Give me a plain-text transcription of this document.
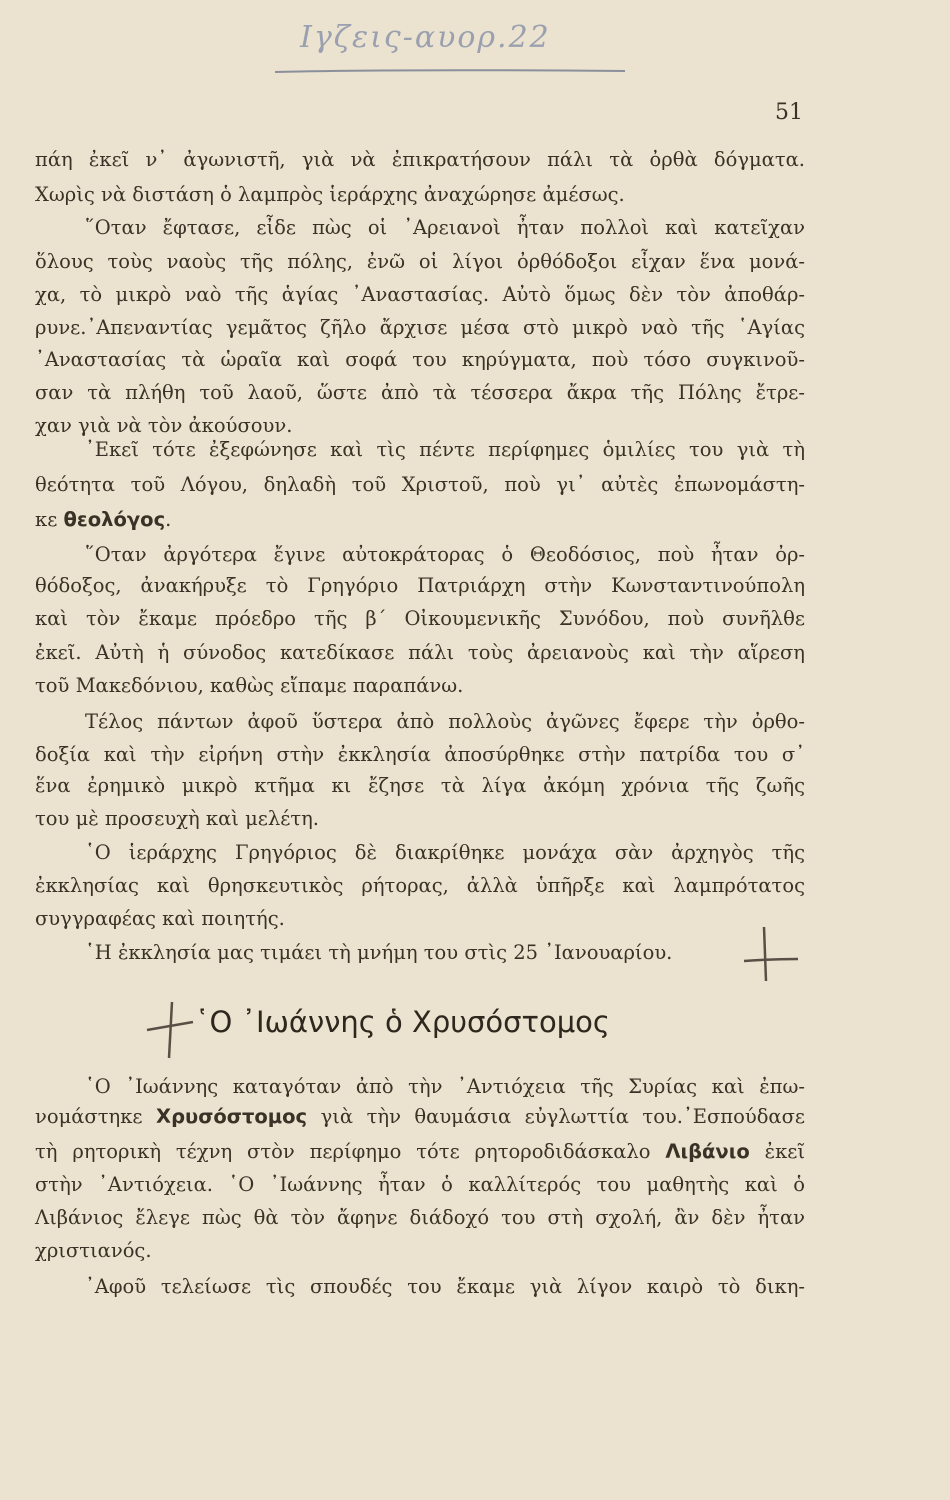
Ιγζεις-αυορ.22
51
πάη ἐκεῖ ν᾽ ἀγωνιστῆ, γιὰ νὰ ἐπικρατήσουν πάλι τὰ ὀρθὰ δόγματα.
Χωρὶς νὰ διστάση ὁ λαμπρὸς ἱεράρχης ἀναχώρησε ἀμέσως.
῞Οταν ἔφτασε, εἶδε πὼς οἱ ᾽Αρειανοὶ ἦταν πολλοὶ καὶ κατεῖχαν
ὅλους τοὺς ναοὺς τῆς πόλης, ἐνῶ οἱ λίγοι ὀρθόδοξοι εἶχαν ἕνα μονά-
χα, τὸ μικρὸ ναὸ τῆς ἁγίας ᾽Αναστασίας. Αὐτὸ ὅμως δὲν τὸν ἀποθάρ-
ρυνε.᾽Απεναντίας γεμᾶτος ζῆλο ἄρχισε μέσα στὸ μικρὸ ναὸ τῆς ῾Αγίας
᾽Αναστασίας τὰ ὡραῖα καὶ σοφά του κηρύγματα, ποὺ τόσο συγκινοῦ-
σαν τὰ πλήθη τοῦ λαοῦ, ὥστε ἀπὸ τὰ τέσσερα ἄκρα τῆς Πόλης ἔτρε-
χαν γιὰ νὰ τὸν ἀκούσουν.
᾽Εκεῖ τότε ἐξεφώνησε καὶ τὶς πέντε περίφημες ὁμιλίες του γιὰ τὴ
θεότητα τοῦ Λόγου, δηλαδὴ τοῦ Χριστοῦ, ποὺ γι᾽ αὐτὲς ἐπωνομάστη-
κε θεολόγος.
῞Οταν ἀργότερα ἔγινε αὐτοκράτορας ὁ Θεοδόσιος, ποὺ ἦταν ὀρ-
θόδοξος, ἀνακήρυξε τὸ Γρηγόριο Πατριάρχη στὴν Κωνσταντινούπολη
καὶ τὸν ἔκαμε πρόεδρο τῆς β΄ Οἰκουμενικῆς Συνόδου, ποὺ συνῆλθε
ἐκεῖ. Αὐτὴ ἡ σύνοδος κατεδίκασε πάλι τοὺς ἀρειανοὺς καὶ τὴν αἵρεση
τοῦ Μακεδόνιου, καθὼς εἴπαμε παραπάνω.
Τέλος πάντων ἀφοῦ ὕστερα ἀπὸ πολλοὺς ἀγῶνες ἔφερε τὴν ὀρθο-
δοξία καὶ τὴν εἰρήνη στὴν ἐκκλησία ἀποσύρθηκε στὴν πατρίδα του σ᾽
ἕνα ἐρημικὸ μικρὸ κτῆμα κι ἔζησε τὰ λίγα ἀκόμη χρόνια τῆς ζωῆς
του μὲ προσευχὴ καὶ μελέτη.
῾Ο ἱεράρχης Γρηγόριος δὲ διακρίθηκε μονάχα σὰν ἀρχηγὸς τῆς
ἐκκλησίας καὶ θρησκευτικὸς ρήτορας, ἀλλὰ ὑπῆρξε καὶ λαμπρότατος
συγγραφέας καὶ ποιητής.
῾Η ἐκκλησία μας τιμάει τὴ μνήμη του στὶς 25 ᾽Ιανουαρίου.
῾Ο ᾽Ιωάννης ὁ Χρυσόστομος
῾Ο ᾽Ιωάννης καταγόταν ἀπὸ τὴν ᾽Αντιόχεια τῆς Συρίας καὶ ἐπω-
νομάστηκε Χρυσόστομος γιὰ τὴν θαυμάσια εὐγλωττία του.᾽Εσπούδασε
τὴ ρητορικὴ τέχνη στὸν περίφημο τότε ρητοροδιδάσκαλο Λιβάνιο ἐκεῖ
στὴν ᾽Αντιόχεια. ῾Ο ᾽Ιωάννης ἦταν ὁ καλλίτερός του μαθητὴς καὶ ὁ
Λιβάνιος ἔλεγε πὼς θὰ τὸν ἄφηνε διάδοχό του στὴ σχολή, ἂν δὲν ἦταν
χριστιανός.
᾽Αφοῦ τελείωσε τὶς σπουδές του ἔκαμε γιὰ λίγον καιρὸ τὸ δικη-
